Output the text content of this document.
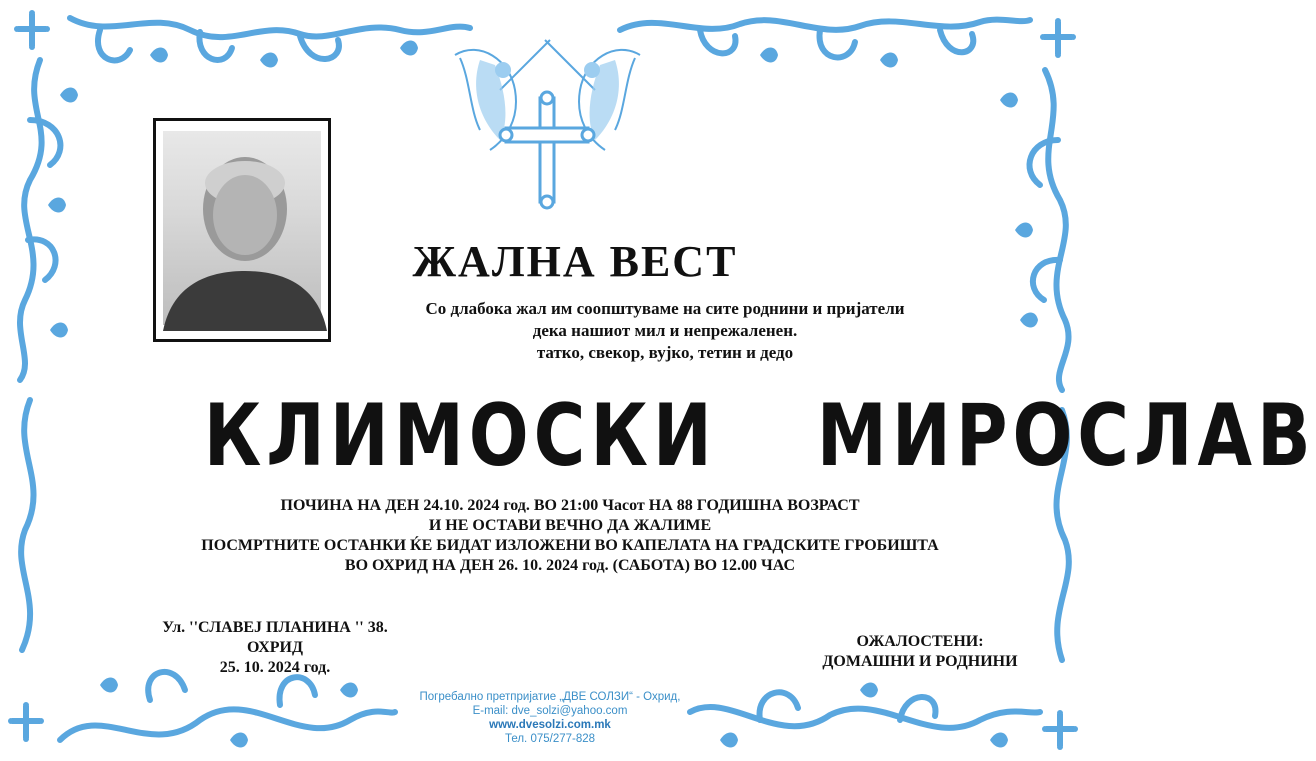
ЖАЛНА ВЕСТ
Со длабока жал им соопштуваме на сите роднини и пријатели
дека нашиот мил и непрежаленен.
татко, свекор, вујко, тетин и дедо
КЛИМОСКИ МИРОСЛАВ
ПОЧИНА НА ДЕН 24.10. 2024 год. ВО 21:00 Часот НА 88 ГОДИШНА ВОЗРАСТ
И НЕ ОСТАВИ ВЕЧНО ДА ЖАЛИМЕ
ПОСМРТНИТЕ ОСТАНКИ ЌЕ БИДАТ ИЗЛОЖЕНИ ВО КАПЕЛАТА НА ГРАДСКИТЕ ГРОБИШТА
ВО ОХРИД НА ДЕН 26. 10. 2024 год. (САБОТА) ВО 12.00 ЧАС
Ул. ''СЛАВЕЈ ПЛАНИНА '' 38.
ОХРИД
25. 10. 2024 год.
ОЖАЛОСТЕНИ:
ДОМАШНИ И РОДНИНИ
Погребално претпријатие „ДВЕ СОЛЗИ“ - Охрид,
E-mail: dve_solzi@yahoo.com
www.dvesolzi.com.mk
Тел. 075/277-828
